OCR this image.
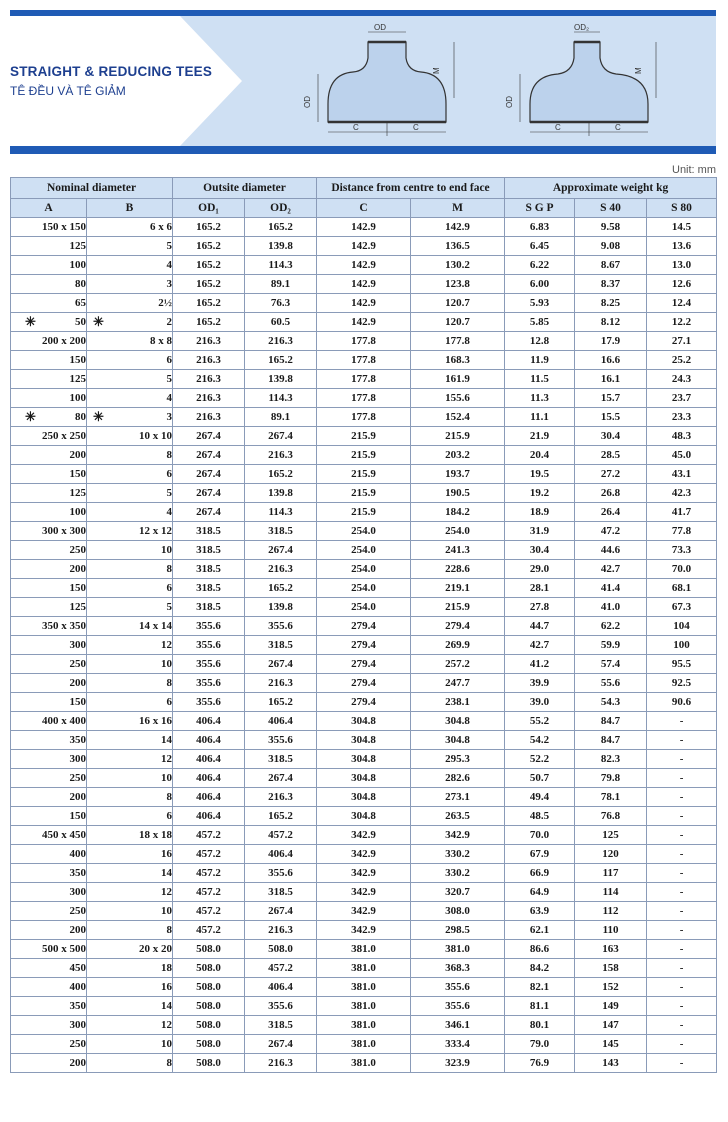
STRAIGHT & REDUCING TEES
TÊ ĐỀU VÀ TÊ GIẢM
OD
OD
M
C	C
OD₂
OD
M
C	C
Unit: mm
Nominal diameter		Outsite diameter		Distance from centre to end face		Approximate weight kg		
A	B	OD₁	OD₂	C	M	S G P	S 40	S 80
150 x 150	6 x 6	165.2	165.2	142.9	142.9	6.83	9.58	14.5
125	5	165.2	139.8	142.9	136.5	6.45	9.08	13.6
100	4	165.2	114.3	142.9	130.2	6.22	8.67	13.0
80	3	165.2	89.1	142.9	123.8	6.00	8.37	12.6
65	2½	165.2	76.3	142.9	120.7	5.93	8.25	12.4

✳ 50	✳ 2	165.2	60.5	142.9	120.7	5.85	8.12	12.2
200 x 200	8 x 8	216.3	216.3	177.8	177.8	12.8	17.9	27.1
150	6	216.3	165.2	177.8	168.3	11.9	16.6	25.2
125	5	216.3	139.8	177.8	161.9	11.5	16.1	24.3
100	4	216.3	114.3	177.8	155.6	11.3	15.7	23.7

✳ 80	✳ 3	216.3	89.1	177.8	152.4	11.1	15.5	23.3
250 x 250	10 x 10	267.4	267.4	215.9	215.9	21.9	30.4	48.3
200	8	267.4	216.3	215.9	203.2	20.4	28.5	45.0
150	6	267.4	165.2	215.9	193.7	19.5	27.2	43.1
125	5	267.4	139.8	215.9	190.5	19.2	26.8	42.3
100	4	267.4	114.3	215.9	184.2	18.9	26.4	41.7
300 x 300	12 x 12	318.5	318.5	254.0	254.0	31.9	47.2	77.8
250	10	318.5	267.4	254.0	241.3	30.4	44.6	73.3
200	8	318.5	216.3	254.0	228.6	29.0	42.7	70.0
150	6	318.5	165.2	254.0	219.1	28.1	41.4	68.1
125	5	318.5	139.8	254.0	215.9	27.8	41.0	67.3
350 x 350	14 x 14	355.6	355.6	279.4	279.4	44.7	62.2	104
300	12	355.6	318.5	279.4	269.9	42.7	59.9	100
250	10	355.6	267.4	279.4	257.2	41.2	57.4	95.5
200	8	355.6	216.3	279.4	247.7	39.9	55.6	92.5
150	6	355.6	165.2	279.4	238.1	39.0	54.3	90.6
400 x 400	16 x 16	406.4	406.4	304.8	304.8	55.2	84.7	-
350	14	406.4	355.6	304.8	304.8	54.2	84.7	-
300	12	406.4	318.5	304.8	295.3	52.2	82.3	-
250	10	406.4	267.4	304.8	282.6	50.7	79.8	-
200	8	406.4	216.3	304.8	273.1	49.4	78.1	-
150	6	406.4	165.2	304.8	263.5	48.5	76.8	-
450 x 450	18 x 18	457.2	457.2	342.9	342.9	70.0	125	-
400	16	457.2	406.4	342.9	330.2	67.9	120	-
350	14	457.2	355.6	342.9	330.2	66.9	117	-
300	12	457.2	318.5	342.9	320.7	64.9	114	-
250	10	457.2	267.4	342.9	308.0	63.9	112	-
200	8	457.2	216.3	342.9	298.5	62.1	110	-
500 x 500	20 x 20	508.0	508.0	381.0	381.0	86.6	163	-
450	18	508.0	457.2	381.0	368.3	84.2	158	-
400	16	508.0	406.4	381.0	355.6	82.1	152	-
350	14	508.0	355.6	381.0	355.6	81.1	149	-
300	12	508.0	318.5	381.0	346.1	80.1	147	-
250	10	508.0	267.4	381.0	333.4	79.0	145	-
200	8	508.0	216.3	381.0	323.9	76.9	143	-
